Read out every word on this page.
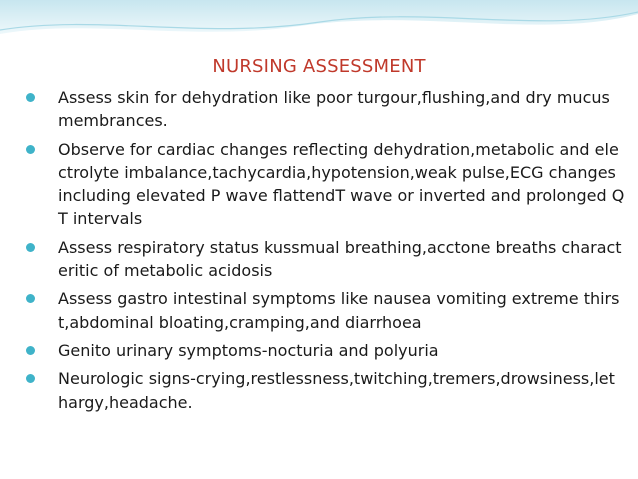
NURSING ASSESSMENT
Assess skin for dehydration like poor turgour,flushing,and dry mucus membrances.
Observe for cardiac changes reflecting dehydration,metabolic and electrolyte imbalance,tachycardia,hypotension,weak pulse,ECG changes including elevated P wave flattendT wave or inverted and prolonged QT intervals
Assess respiratory status kussmual breathing,acctone breaths characteritic of metabolic acidosis
Assess gastro intestinal symptoms like nausea vomiting extreme thirst,abdominal bloating,cramping,and diarrhoea
Genito urinary symptoms-nocturia and polyuria
Neurologic signs-crying,restlessness,twitching,tremers,drowsiness,lethargy,headache.
